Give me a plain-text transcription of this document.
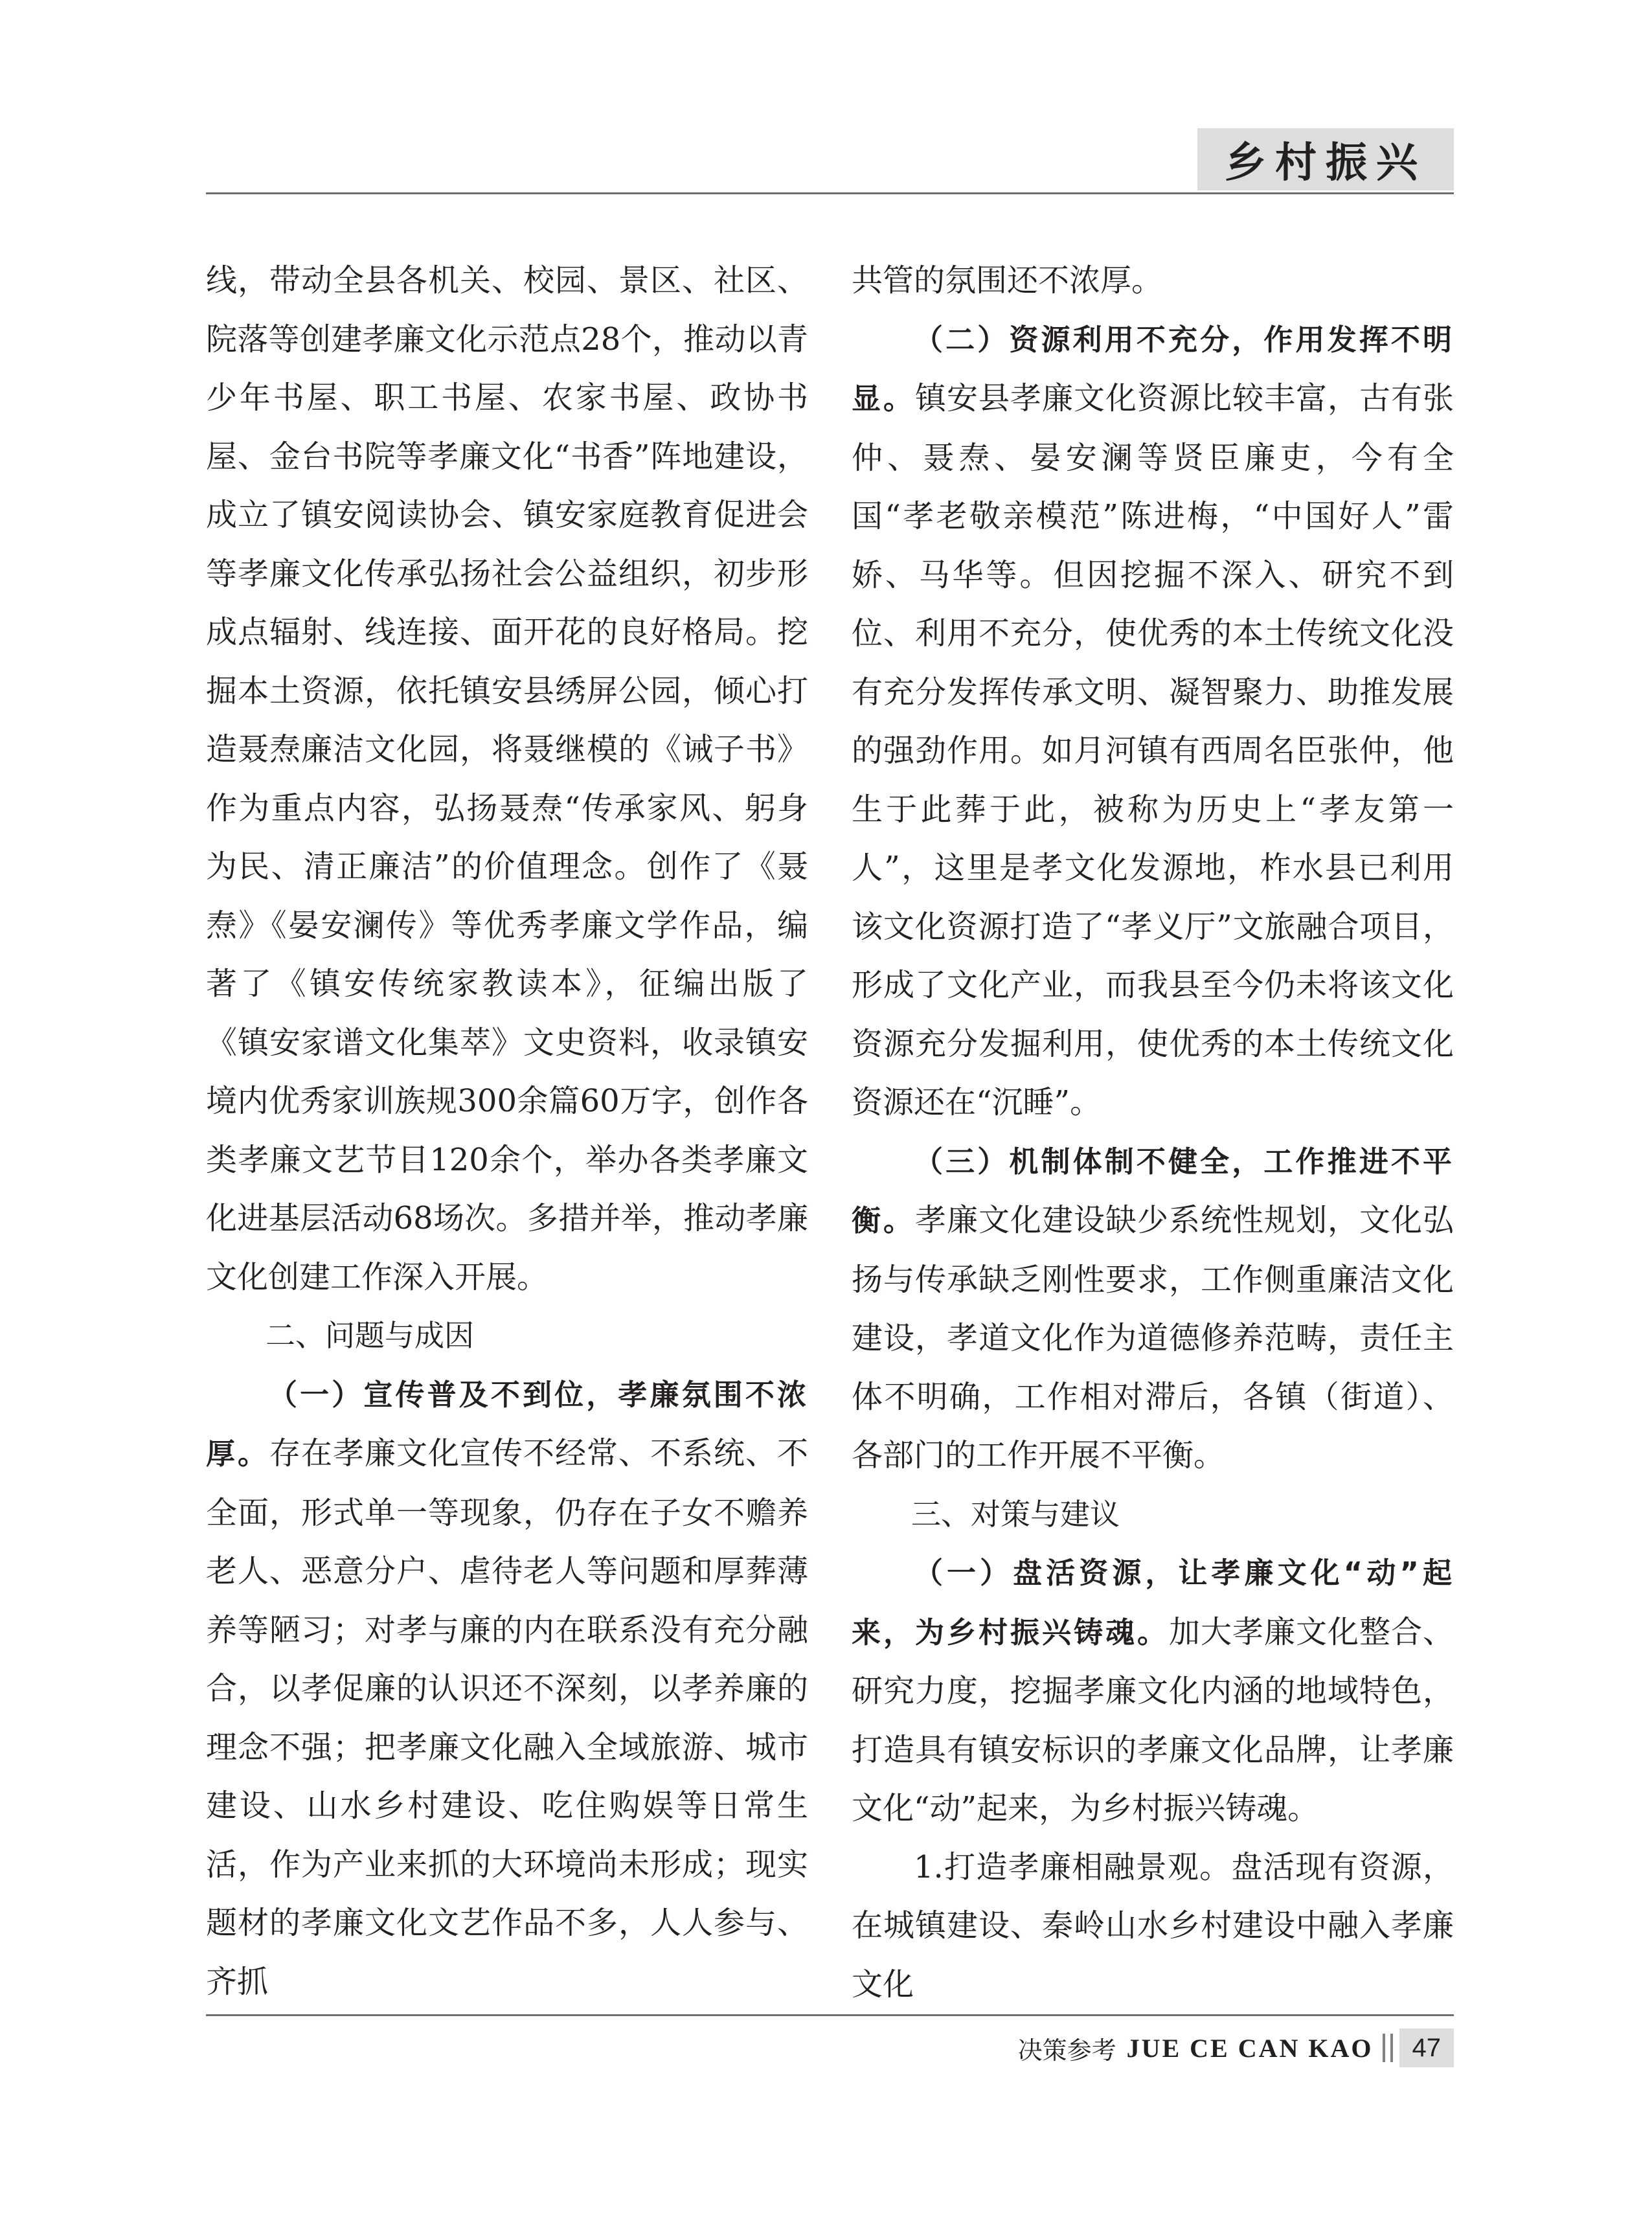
乡村振兴

线，带动全县各机关、校园、景区、社区、院落等创建孝廉文化示范点28个，推动以青少年书屋、职工书屋、农家书屋、政协书屋、金台书院等孝廉文化“书香”阵地建设，成立了镇安阅读协会、镇安家庭教育促进会等孝廉文化传承弘扬社会公益组织，初步形成点辐射、线连接、面开花的良好格局。挖掘本土资源，依托镇安县绣屏公园，倾心打造聂焘廉洁文化园，将聂继模的《诫子书》作为重点内容，弘扬聂焘“传承家风、躬身为民、清正廉洁”的价值理念。创作了《聂焘》《晏安澜传》等优秀孝廉文学作品，编著了《镇安传统家教读本》，征编出版了《镇安家谱文化集萃》文史资料，收录镇安境内优秀家训族规300余篇60万字，创作各类孝廉文艺节目120余个，举办各类孝廉文化进基层活动68场次。多措并举，推动孝廉文化创建工作深入开展。

二、问题与成因

（一）宣传普及不到位，孝廉氛围不浓厚。存在孝廉文化宣传不经常、不系统、不全面，形式单一等现象，仍存在子女不赡养老人、恶意分户、虐待老人等问题和厚葬薄养等陋习；对孝与廉的内在联系没有充分融合，以孝促廉的认识还不深刻，以孝养廉的理念不强；把孝廉文化融入全域旅游、城市建设、山水乡村建设、吃住购娱等日常生活，作为产业来抓的大环境尚未形成；现实题材的孝廉文化文艺作品不多，人人参与、齐抓

共管的氛围还不浓厚。

（二）资源利用不充分，作用发挥不明显。镇安县孝廉文化资源比较丰富，古有张仲、聂焘、晏安澜等贤臣廉吏，今有全国“孝老敬亲模范”陈进梅，“中国好人”雷娇、马华等。但因挖掘不深入、研究不到位、利用不充分，使优秀的本土传统文化没有充分发挥传承文明、凝智聚力、助推发展的强劲作用。如月河镇有西周名臣张仲，他生于此葬于此，被称为历史上“孝友第一人”，这里是孝文化发源地，柞水县已利用该文化资源打造了“孝义厅”文旅融合项目，形成了文化产业，而我县至今仍未将该文化资源充分发掘利用，使优秀的本土传统文化资源还在“沉睡”。

（三）机制体制不健全，工作推进不平衡。孝廉文化建设缺少系统性规划，文化弘扬与传承缺乏刚性要求，工作侧重廉洁文化建设，孝道文化作为道德修养范畴，责任主体不明确，工作相对滞后，各镇（街道）、各部门的工作开展不平衡。

三、对策与建议

（一）盘活资源，让孝廉文化“动”起来，为乡村振兴铸魂。加大孝廉文化整合、研究力度，挖掘孝廉文化内涵的地域特色，打造具有镇安标识的孝廉文化品牌，让孝廉文化“动”起来，为乡村振兴铸魂。

1.打造孝廉相融景观。盘活现有资源，在城镇建设、秦岭山水乡村建设中融入孝廉文化

决策参考 JUE CE CAN KAO	47
